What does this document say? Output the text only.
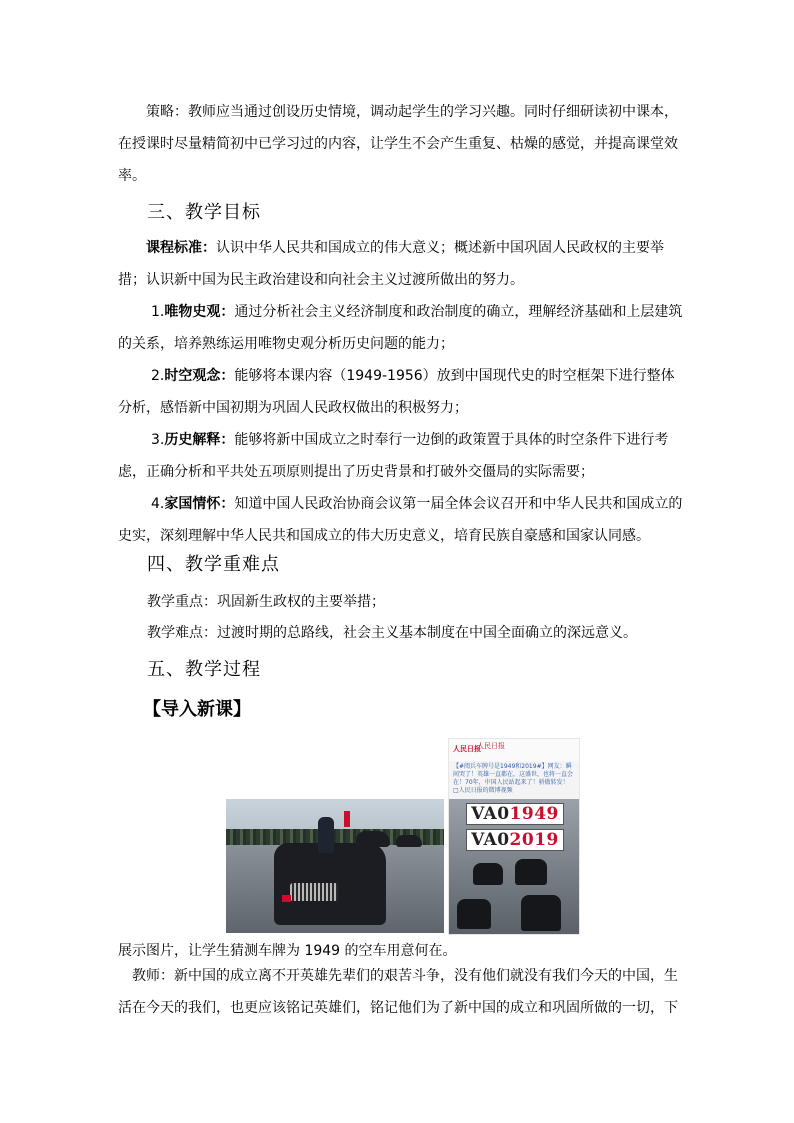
策略：教师应当通过创设历史情境，调动起学生的学习兴趣。同时仔细研读初中课本，在授课时尽量精简初中已学习过的内容，让学生不会产生重复、枯燥的感觉，并提高课堂效率。

三、教学目标

课程标准：认识中华人民共和国成立的伟大意义；概述新中国巩固人民政权的主要举措；认识新中国为民主政治建设和向社会主义过渡所做出的努力。

1.唯物史观：通过分析社会主义经济制度和政治制度的确立，理解经济基础和上层建筑的关系，培养熟练运用唯物史观分析历史问题的能力；

2.时空观念：能够将本课内容（1949-1956）放到中国现代史的时空框架下进行整体分析，感悟新中国初期为巩固人民政权做出的积极努力；

3.历史解释：能够将新中国成立之时奉行一边倒的政策置于具体的时空条件下进行考虑，正确分析和平共处五项原则提出了历史背景和打破外交僵局的实际需要；

4.家国情怀：知道中国人民政治协商会议第一届全体会议召开和中华人民共和国成立的史实，深刻理解中华人民共和国成立的伟大历史意义，培育民族自豪感和国家认同感。

四、教学重难点
教学重点：巩固新生政权的主要举措；
教学难点：过渡时期的总路线，社会主义基本制度在中国全面确立的深远意义。
五、教学过程
【导入新课】
人民日报
人民日报
【#阅兵车牌号是1949和2019#】网友：瞬间哭了！英雄一直都在，这盛世，也将一直会在！70年，中国人民站起来了！骄傲转发！ □人民日报的微博视频
VA01949
VA02019
展示图片，让学生猜测车牌为 1949 的空车用意何在。

教师：新中国的成立离不开英雄先辈们的艰苦斗争，没有他们就没有我们今天的中国，生活在今天的我们，也更应该铭记英雄们，铭记他们为了新中国的成立和巩固所做的一切，下
